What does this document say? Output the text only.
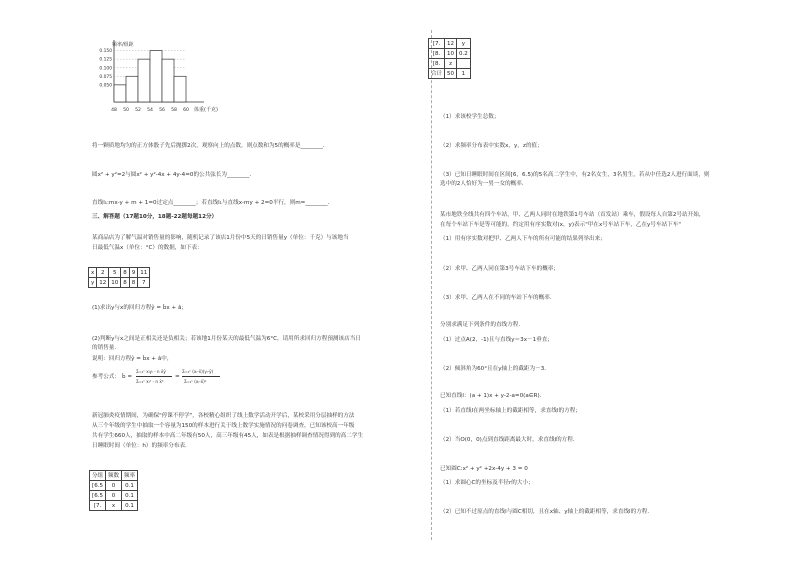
0.150
0.125
0.100
0.075
0.050
48 50 52 54 56 58 60
频率/组距
体重(千克)
将一颗质地均匀的正方体骰子先后抛掷2次，观察向上的点数，则点数和为5的概率是________．
圆x² + y²=2与圆x² + y²-4x + 4y-4=0的公共弦长为________．
直线l₁:mx-y + m + 1=0过定点________；若直线l₁与直线x-my + 2=0平行，则m=________．
三、解答题（17题10分，18题-22题每题12分）
某商品店为了解气温对销售量的影响，随机记录了该店1月份中5天的日销售量y（单位：千克）与该地当
日最低气温x（单位：°C）的数据，如下表：
x	2	5	8	9	11
y	12	10	8	8	7
(1)求出y与x的回归方程ŷ = b̂x + â；
(2)判断y与x之间是正相关还是负相关；若该地1月份某天的最低气温为6°C，请用所求回归方程预测该店当日
的销售量.
说明：回归方程ŷ = b̂x + â中，
参考公式： b̂ =
Σᵢ₌₁ⁿ xᵢyᵢ - n x̄ȳ
Σᵢ₌₁ⁿ xᵢ² - n x̄²
=
Σᵢ₌₁ⁿ (xᵢ-x̄)(yᵢ-ȳ)
Σᵢ₌₁ⁿ (xᵢ-x̄)²
新冠肺炎疫情期间，为确保"停课不停学"，各校精心组织了线上数学活动开学后，某校采用分层抽样的方法
从三个年级的学生中抽取一个容量为150的样本进行关于线上数学实施情况的问卷调查，已知该校高一年级
共有学生660人，抽取的样本中高二年级有50人，高三年级有45人，如表是根据抽样调查情况得到的高二学生
日睡眠时间（单位：h）的频率分布表．
分组	频数	频率
[6.5	0	0.1
[6.5	0	0.1
[7.	x	0.1
[7.	12	y
[8.	10	0.2
[8.	z	
合计	50	1
（1）求该校学生总数；
（2）求频率分布表中实数x，y，z的值；
（3）已知日睡眠时间在区间[6，6.5)的5名高二学生中，有2名女生，3名男生，若从中任选2人进行面谈，则
选中的2人恰好为一男一女的概率．
某市地铁全线共有四个车站，甲、乙两人同时在地铁第1号车站（首发站）乘车，假设每人自第2号站开始，
在每个车站下车是等可能的，约定用有序实数对(x，y)表示"甲在x号车站下车，乙在y号车站下车"
（1）用有序实数对把甲、乙两人下车的所有可能的结果列举出来；
（2）求甲、乙两人同在第3号车站下车的概率；
（3）求甲、乙两人在不同的车站下车的概率．
分别求满足下列条件的直线方程．
（1）过点A(2，-1)且与直线y＝3x－1垂直；
（2）倾斜角为60°且在y轴上的截距为－3．
已知直线l：(a + 1)x + y-2-a=0(a∈R)．
（1）若直线l在两坐标轴上的截距相等，求直线l的方程；
（2）当O(0，0)点到直线距离最大时，求直线l的方程．
已知圆C:x² + y² +2x-4y + 3 = 0
（1）求圆心C的坐标及半径r的大小；
（2）已知不过原点的直线l与圆C相切，且在x轴、y轴上的截距相等，求直线l的方程．
